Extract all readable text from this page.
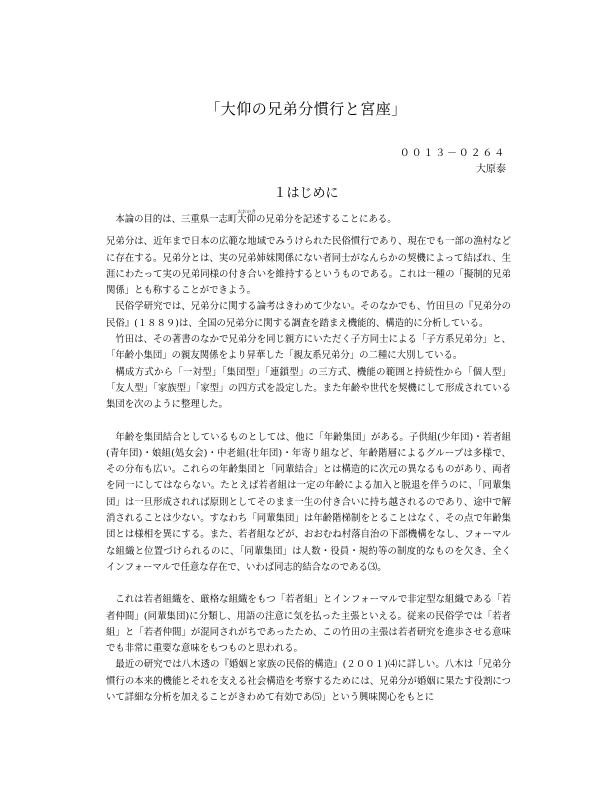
「大仰の兄弟分慣行と宮座」
００１３－０２６４
大原泰
１はじめに

本論の目的は、三重県一志町大仰おおのきの兄弟分を記述することにある。

兄弟分は、近年まで日本の広範な地域でみうけられた民俗慣行であり、現在でも一部の漁村などに存在する。兄弟分とは、実の兄弟姉妹関係にない者同士がなんらかの契機によって結ばれ、生涯にわたって実の兄弟同様の付き合いを維持するというものである。これは一種の「擬制的兄弟関係」とも称することができよう。

民俗学研究では、兄弟分に関する論考はきわめて少ない。そのなかでも、竹田旦の『兄弟分の民俗』(１８８９)は、全国の兄弟分に関する調査を踏まえ機能的、構造的に分析している。

竹田は、その著書のなかで兄弟分を同じ親方にいただく子方同士による「子方系兄弟分」と、「年齢小集団」の親友関係をより昇華した「親友系兄弟分」の二種に大別している。

構成方式から「一対型」「集団型」「連鎖型」の三方式、機能の範囲と持続性から「個人型」「友人型」「家族型」「家型」の四方式を設定した。また年齢や世代を契機にして形成されている集団を次のように整理した。

年齢を集団結合としているものとしては、他に「年齢集団」がある。子供組(少年団)・若者組(青年団)・娘組(処女会)・中老組(壮年団)・年寄り組など、年齢階層によるグループは多様で、その分布も広い。これらの年齢集団と「同輩結合」とは構造的に次元の異なるものがあり、両者を同一にしてはならない。たとえば若者組は一定の年齢による加入と脱退を伴うのに、「同輩集団」は一旦形成されれば原則としてそのまま一生の付き合いに持ち越されるのであり、途中で解消されることは少ない。すなわち「同輩集団」は年齢階梯制をとることはなく、その点で年齢集団とは様相を異にする。また、若者組などが、おおむね村落自治の下部機構をなし、フォーマルな組織と位置づけられるのに、「同輩集団」は人数・役員・規約等の制度的なものを欠き、全くインフォーマルで任意な存在で、いわば同志的結合なのである⑶。

これは若者組織を、厳格な組織をもつ「若者組」とインフォーマルで非定型な組織である「若者仲間」(同輩集団)に分類し、用語の注意に気を払った主張といえる。従来の民俗学では「若者組」と「若者仲間」が混同されがちであったため、この竹田の主張は若者研究を進歩させる意味でも非常に重要な意味をもつものと思われる。

最近の研究では八木透の『婚姻と家族の民俗的構造』(２００１)⑷に詳しい。八木は「兄弟分慣行の本来的機能とそれを支える社会構造を考察するためには、兄弟分が婚姻に果たす役割について詳細な分析を加えることがきわめて有効であ⑸」という興味関心をもとに
